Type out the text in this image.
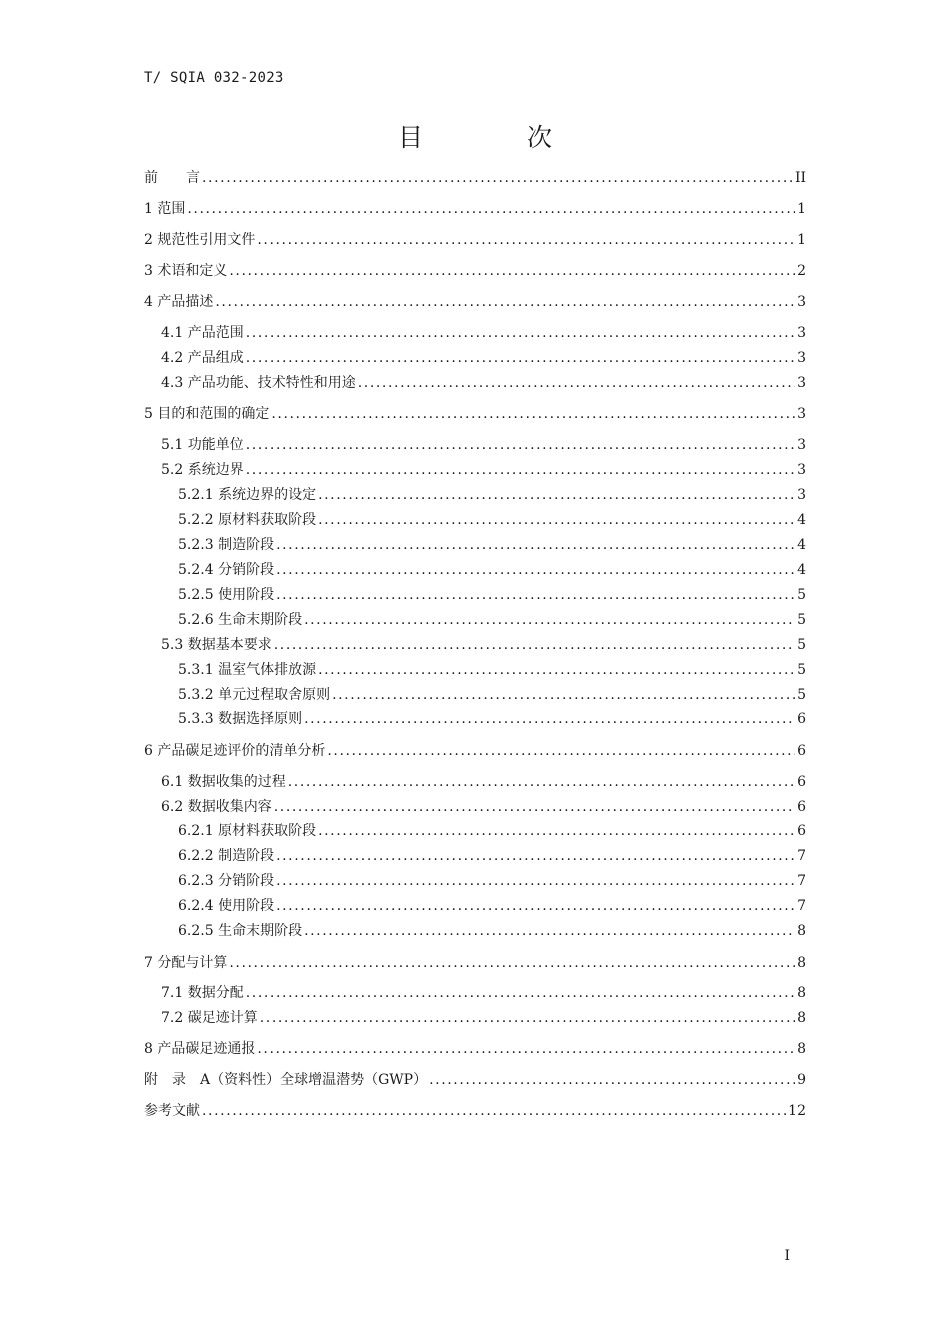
T/ SQIA 032-2023
目 次
前　　言 .....	II
1 范围 .....	1
2 规范性引用文件 .....	1
3 术语和定义 .....	2
4 产品描述 .....	3
4.1 产品范围 .....	3
4.2 产品组成 .....	3
4.3 产品功能、技术特性和用途 .....	3
5 目的和范围的确定 .....	3
5.1 功能单位 .....	3
5.2 系统边界 .....	3
5.2.1 系统边界的设定 .....	3
5.2.2 原材料获取阶段 .....	4
5.2.3 制造阶段 .....	4
5.2.4 分销阶段 .....	4
5.2.5 使用阶段 .....	5
5.2.6 生命末期阶段 .....	5
5.3 数据基本要求 .....	5
5.3.1 温室气体排放源 .....	5
5.3.2 单元过程取舍原则 .....	5
5.3.3 数据选择原则 .....	6
6 产品碳足迹评价的清单分析 .....	6
6.1 数据收集的过程 .....	6
6.2 数据收集内容 .....	6
6.2.1 原材料获取阶段 .....	6
6.2.2 制造阶段 .....	7
6.2.3 分销阶段 .....	7
6.2.4 使用阶段 .....	7
6.2.5 生命末期阶段 .....	8
7 分配与计算 .....	8
7.1 数据分配 .....	8
7.2 碳足迹计算 .....	8
8 产品碳足迹通报 .....	8
附　录　A（资料性）全球增温潜势（GWP） .....	9
参考文献 .....	12
I
